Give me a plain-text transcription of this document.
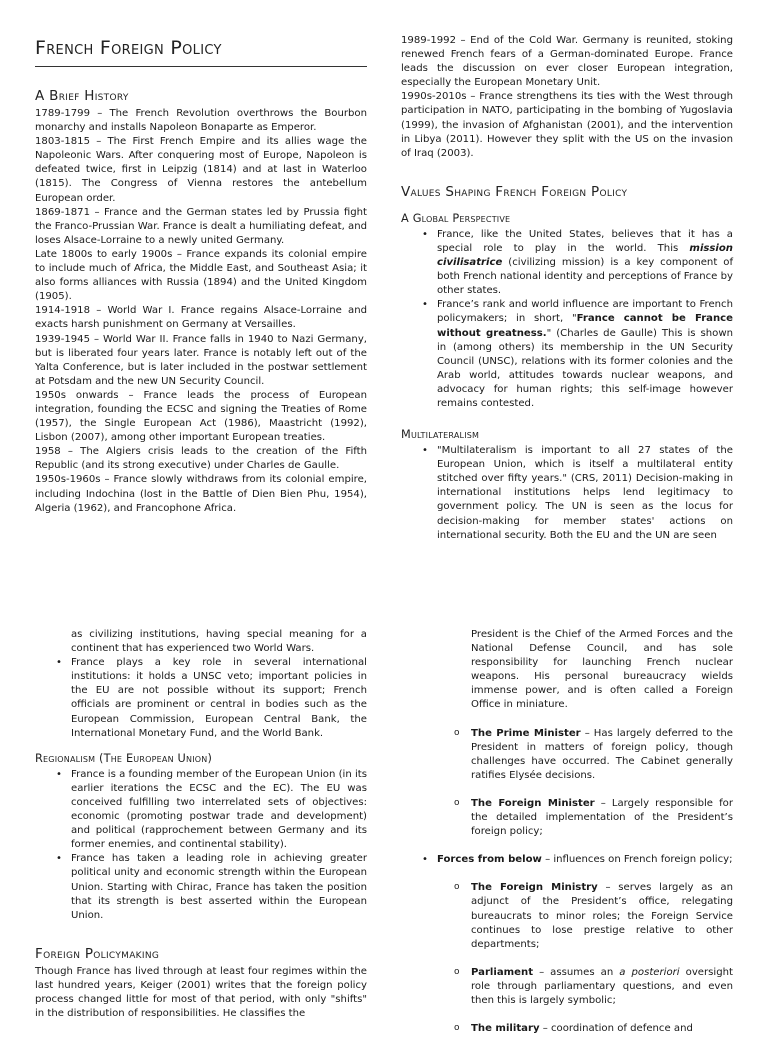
French Foreign Policy
A Brief History
1789-1799 – The French Revolution overthrows the Bourbon monarchy and installs Napoleon Bonaparte as Emperor.
1803-1815 – The First French Empire and its allies wage the Napoleonic Wars. After conquering most of Europe, Napoleon is defeated twice, first in Leipzig (1814) and at last in Waterloo (1815). The Congress of Vienna restores the antebellum European order.
1869-1871 – France and the German states led by Prussia fight the Franco-Prussian War. France is dealt a humiliating defeat, and loses Alsace-Lorraine to a newly united Germany.
Late 1800s to early 1900s – France expands its colonial empire to include much of Africa, the Middle East, and Southeast Asia; it also forms alliances with Russia (1894) and the United Kingdom (1905).
1914-1918 – World War I. France regains Alsace-Lorraine and exacts harsh punishment on Germany at Versailles.
1939-1945 – World War II. France falls in 1940 to Nazi Germany, but is liberated four years later. France is notably left out of the Yalta Conference, but is later included in the postwar settlement at Potsdam and the new UN Security Council.
1950s onwards – France leads the process of European integration, founding the ECSC and signing the Treaties of Rome (1957), the Single European Act (1986), Maastricht (1992), Lisbon (2007), among other important European treaties.
1958 – The Algiers crisis leads to the creation of the Fifth Republic (and its strong executive) under Charles de Gaulle.
1950s-1960s – France slowly withdraws from its colonial empire, including Indochina (lost in the Battle of Dien Bien Phu, 1954), Algeria (1962), and Francophone Africa.
1989-1992 – End of the Cold War. Germany is reunited, stoking renewed French fears of a German-dominated Europe. France leads the discussion on ever closer European integration, especially the European Monetary Unit.
1990s-2010s – France strengthens its ties with the West through participation in NATO, participating in the bombing of Yugoslavia (1999), the invasion of Afghanistan (2001), and the intervention in Libya (2011). However they split with the US on the invasion of Iraq (2003).
Values Shaping French Foreign Policy
A Global Perspective
• France, like the United States, believes that it has a special role to play in the world. This mission civilisatrice (civilizing mission) is a key component of both French national identity and perceptions of France by other states.
• France’s rank and world influence are important to French policymakers; in short, "France cannot be France without greatness." (Charles de Gaulle) This is shown in (among others) its membership in the UN Security Council (UNSC), relations with its former colonies and the Arab world, attitudes towards nuclear weapons, and advocacy for human rights; this self-image however remains contested.
Multilateralism
• "Multilateralism is important to all 27 states of the European Union, which is itself a multilateral entity stitched over fifty years." (CRS, 2011) Decision-making in international institutions helps lend legitimacy to government policy. The UN is seen as the locus for decision-making for member states' actions on international security. Both the EU and the UN are seen
as civilizing institutions, having special meaning for a continent that has experienced two World Wars.
• France plays a key role in several international institutions: it holds a UNSC veto; important policies in the EU are not possible without its support; French officials are prominent or central in bodies such as the European Commission, European Central Bank, the International Monetary Fund, and the World Bank.
Regionalism (The European Union)
• France is a founding member of the European Union (in its earlier iterations the ECSC and the EC). The EU was conceived fulfilling two interrelated sets of objectives: economic (promoting postwar trade and development) and political (rapprochement between Germany and its former enemies, and continental stability).
• France has taken a leading role in achieving greater political unity and economic strength within the European Union. Starting with Chirac, France has taken the position that its strength is best asserted within the European Union.
Foreign Policymaking
Though France has lived through at least four regimes within the last hundred years, Keiger (2001) writes that the foreign policy process changed little for most of that period, with only "shifts" in the distribution of responsibilities. He classifies the
President is the Chief of the Armed Forces and the National Defense Council, and has sole responsibility for launching French nuclear weapons. His personal bureaucracy wields immense power, and is often called a Foreign Office in miniature.
o The Prime Minister – Has largely deferred to the President in matters of foreign policy, though challenges have occurred. The Cabinet generally ratifies Elysée decisions.
o The Foreign Minister – Largely responsible for the detailed implementation of the President’s foreign policy;
• Forces from below – influences on French foreign policy;
o The Foreign Ministry – serves largely as an adjunct of the President’s office, relegating bureaucrats to minor roles; the Foreign Service continues to lose prestige relative to other departments;
o Parliament – assumes an a posteriori oversight role through parliamentary questions, and even then this is largely symbolic;
o The military – coordination of defence and
